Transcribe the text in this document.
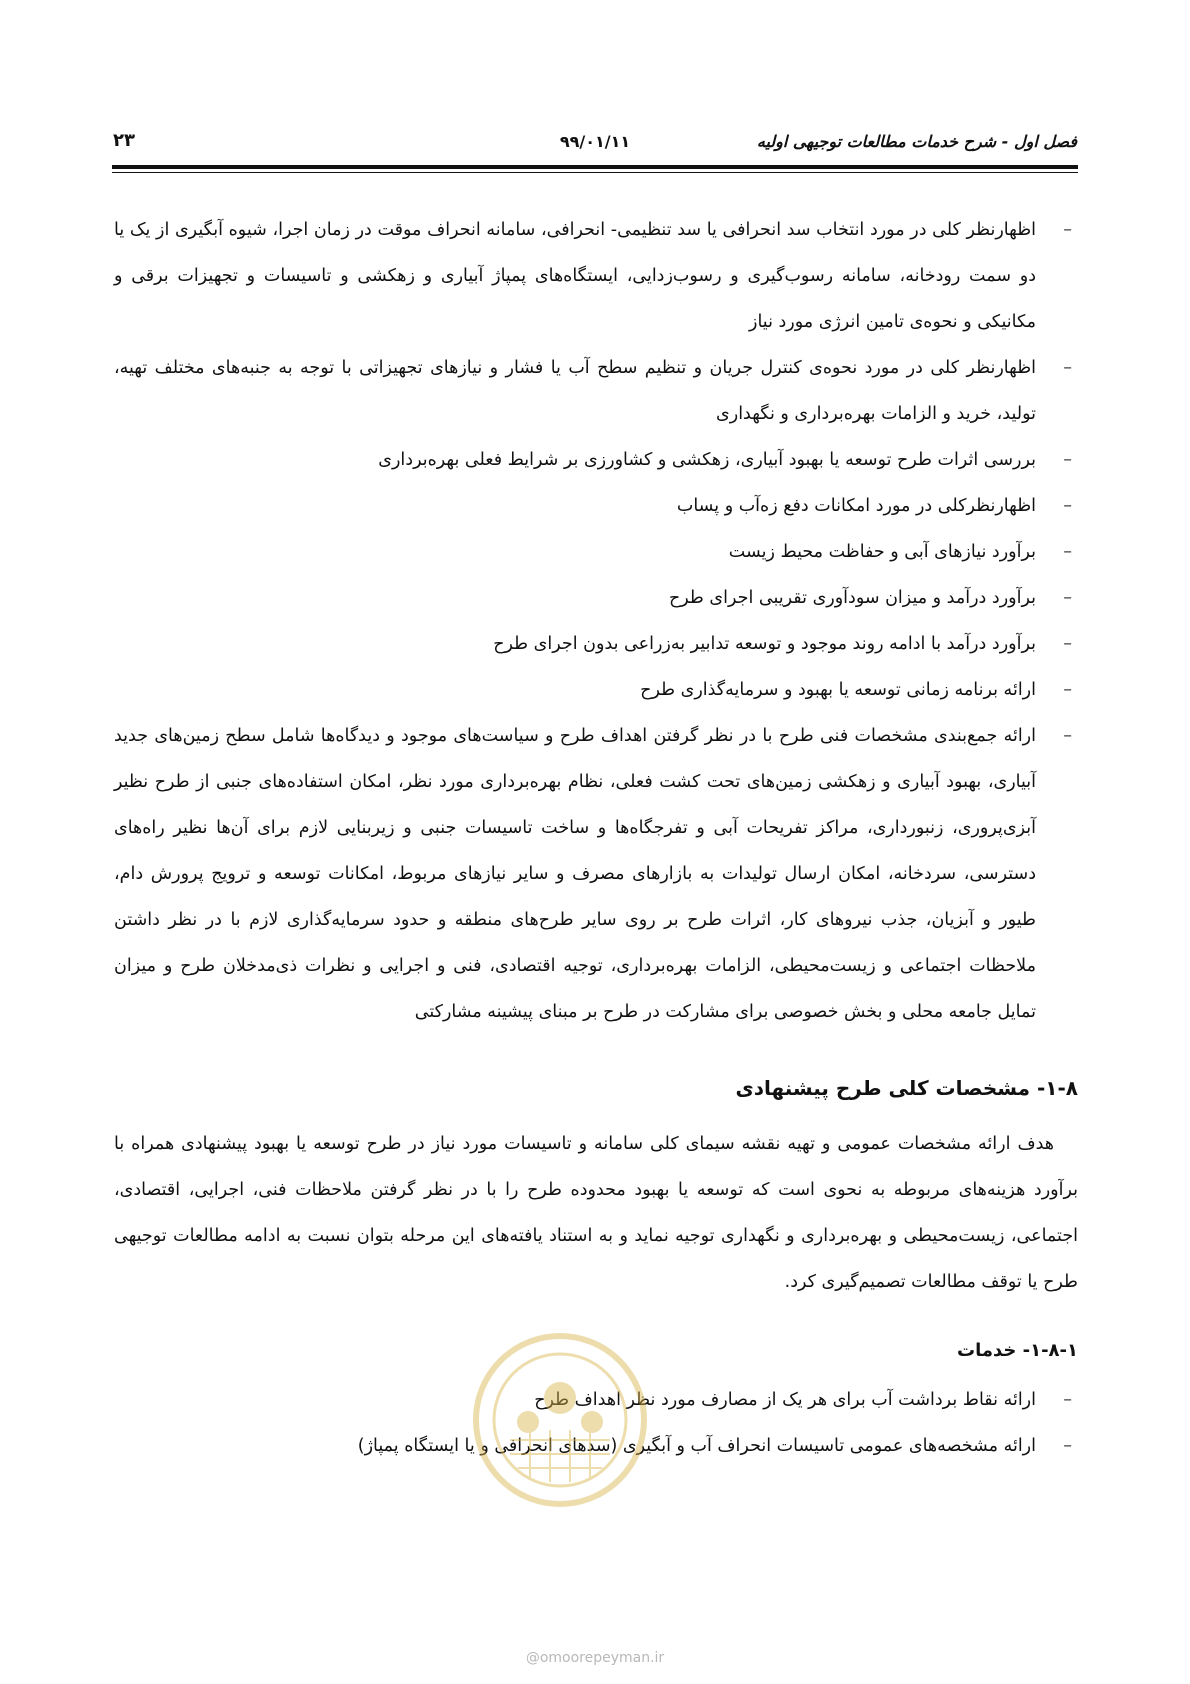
فصل اول - شرح خدمات مطالعات توجیهی اولیه
۹۹/۰۱/۱۱
۲۳
–
اظهارنظر کلی در مورد انتخاب سد انحرافی یا سد تنظیمی- انحرافی، سامانه انحراف موقت در زمان اجرا، شیوه آبگیری از یک یا دو سمت رودخانه، سامانه رسوب‌گیری و رسوب‌زدایی، ایستگاه‌های پمپاژ آبیاری و زهکشی و تاسیسات و تجهیزات برقی و مکانیکی و نحوه‌ی تامین انرژی مورد نیاز
–
اظهارنظر کلی در مورد نحوه‌ی کنترل جریان و تنظیم سطح آب یا فشار و نیازهای تجهیزاتی با توجه به جنبه‌های مختلف تهیه، تولید، خرید و الزامات بهره‌برداری و نگهداری
–
بررسی اثرات طرح توسعه یا بهبود آبیاری، زهکشی و کشاورزی بر شرایط فعلی بهره‌برداری
–
اظهارنظرکلی در مورد امکانات دفع زه‌آب و پساب
–
برآورد نیازهای آبی و حفاظت محیط زیست
–
برآورد درآمد و میزان سودآوری تقریبی اجرای طرح
–
برآورد درآمد با ادامه روند موجود و توسعه تدابیر به‌زراعی بدون اجرای طرح
–
ارائه برنامه زمانی توسعه یا بهبود و سرمایه‌گذاری طرح
–
ارائه جمع‌بندی مشخصات فنی طرح با در نظر گرفتن اهداف طرح و سیاست‌های موجود و دیدگاه‌ها شامل سطح زمین‌های جدید آبیاری، بهبود آبیاری و زهکشی زمین‌های تحت کشت فعلی، نظام بهره‌برداری مورد نظر، امکان استفاده‌های جنبی از طرح نظیر آبزی‌پروری، زنبورداری، مراکز تفریحات آبی و تفرجگاه‌ها و ساخت تاسیسات جنبی و زیربنایی لازم برای آن‌ها نظیر راه‌های دسترسی، سردخانه، امکان ارسال تولیدات به بازارهای مصرف و سایر نیازهای مربوط، امکانات توسعه و ترویج پرورش دام، طیور و آبزیان، جذب نیروهای کار، اثرات طرح بر روی سایر طرح‌های منطقه و حدود سرمایه‌گذاری لازم با در نظر داشتن ملاحظات اجتماعی و زیست‌محیطی، الزامات بهره‌برداری، توجیه اقتصادی، فنی و اجرایی و نظرات ذی‌مدخلان طرح و میزان تمایل جامعه محلی و بخش خصوصی برای مشارکت در طرح بر مبنای پیشینه مشارکتی
۱-۸- مشخصات کلی طرح پیشنهادی

هدف ارائه مشخصات عمومی و تهیه نقشه سیمای کلی سامانه و تاسیسات مورد نیاز در طرح توسعه یا بهبود پیشنهادی همراه با برآورد هزینه‌های مربوطه به نحوی است که توسعه یا بهبود محدوده طرح را با در نظر گرفتن ملاحظات فنی، اجرایی، اقتصادی، اجتماعی، زیست‌محیطی و بهره‌برداری و نگهداری توجیه نماید و به استناد یافته‌های این مرحله بتوان نسبت به ادامه مطالعات توجیهی طرح یا توقف مطالعات تصمیم‌گیری کرد.

۱-۸-۱- خدمات
–
ارائه نقاط برداشت آب برای هر یک از مصارف مورد نظر اهداف طرح
–
ارائه مشخصه‌های عمومی تاسیسات انحراف آب و آبگیری (سدهای انحرافی و یا ایستگاه پمپاژ)
@omoorepeyman.ir
